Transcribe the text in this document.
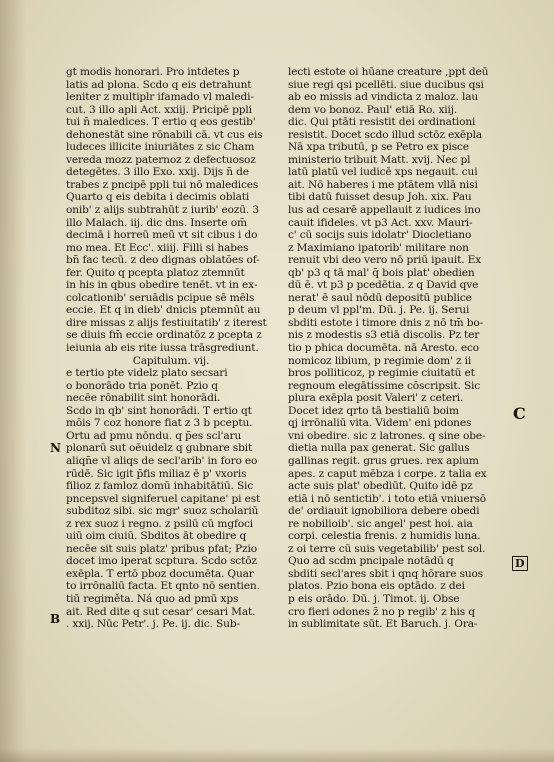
gt modis honorari. Pro intdetes p
latis ad plona. Scdo q eis detrahunt
leniter z multiplr ifamado vl maledi-
cut. 3 illo apli Act. xxiij. Pricipē ppli
tui n̄ maledices. T ertio q eos gestib'
dehonestāt sine rōnabili cā. vt cus eis
ludeces illicite iniuriātes z sic Cham
vereda mozz paternoz z defectuosoz
detegētes. 3 illo Exo. xxij. Dijs n̄ de
trabes z pncipē ppli tui nō maledices
Quarto q eis debita i decimis oblati
onib' z alijs subtrahūt z iurib' eozū. 3
illo Malach. iij. dic dns. Inserte om̄
decimā i horreū meū vt sit cibus i do
mo mea. Et Ecc'. xiiij. Filli si habes
bn̄ fac tecū. z deo dignas oblatões of-
fer. Quito q pcepta platoz ztemnūt
in his in qbus obedire tenēt. vt in ex-
colcationib' seruādis pcipue sē mēls
eccie. Et q in dieb' dnicis ptemnūt au
dire missas z alijs festiuitatib' z iterest
se diuis fm̄ eccie ordinatōz z pcepta z
ieiunia ab eis rite iussa trāsgrediunt.
Capitulum. vij.
e tertio pte videlz plato secsari
o bonorādo tria ponēt. Pzio q
necēe rōnabilit sint honorādi.
Scdo in qb' sint honorādi. T ertio qt
mōis 7 coz honore fiat z 3 b pceptu.
Ortu ad pmu nōndu. q p̄es scl'aru
plonarū sut oēuidelz q gubnare sbit
aliqn̄e vl aliqs de secl'arib' in foro eo
rūdē. Sic igit p̄fis miliaz ē p' vxoris
filioz z famloz domū inhabitātiū. Sic
pncepsvel signiferuel capitane' pi est
subditoz sibi. sic mgr' suoz scholariū
z rex suoz i regno. z psilū cū mgfoci
uiū oim ciuiū. Sbditos āt obedire q
necēe sit suis platz' pribus pfat; Pzio
docet imo iperat scptura. Scdo sctōz
exēpla. T ertō pboz documēta. Quar
to irrōnaliū facta. Et qnto nō sentien.
tiū regiměta. Ná quo ad pmū xps
ait. Red dite q sut cesar' cesari Mat.
. xxij. Nūc Petr'. j. Pe. ij. dic. Sub-
lecti estote oi hūane creature ,ppt deū
siue regi qsi pcellēti. siue ducibus qsi
ab eo missis ad vindicta z maloz. lau
dem vo bonoz. Paul' etiā Ro. xiij.
dic. Qui ptāti resistit dei ordinationi
resistit. Docet scdo illud sctōz exēpla
Nā xpa tributū, p se Petro ex pisce
ministerio tribuit Matt. xvij. Nec pl
latū platū vel iudicē xps negauit. cui
ait. Nō haberes i me ptātem vllā nisi
tibi datū fuisset desup Joh. xix. Pau
lus ad cesarē appellauit z iudices ino
cauit ifideles. vt p3 Act. xxv. Mauri-
c' cū socijs suis idolatr' Diocletiano
z Maximiano ipatorib' militare non
renuit vbi deo vero nō priū ipauit. Ex
qb' p3 q tā mal' q̄ bois plat' obedien
dū ē. vt p3 p pcedētia. z q David qve
nerat' ē saul nōdū depositū publice
p deum vl ppl'm. Dū. j. Pe. ij. Serui
sbditi estote i timore dnis z nō tm̄ bo-
nis z modestis s3 etiā discolis. Pz ter
tio p phica documēta. nā Aresto. eco
nomicoz libium, p regimie dom' z ii
bros polliticoz, p regimie ciuitatū et
regnoum elegātissime cōscripsit. Sic
plura exēpla posit Valeri' z ceteri.
Docet idez qrto tā bestialiū boim
qj irrōnaliū vita. Videm' eni pdones
vni obedire. sic z latrones. q sine obe-
dietia nulla pax generat. Sic gallus
gallinas regit. grus grues. rex apium
apes. z caput mēbza i corpe. z talia ex
acte suis plat' obediūt. Quito idē pz
etiā i nō sentictib'. i toto etiā vniuersō
de' ordiauit ignobiliora debere obedi
re nobilioib'. sic angel' pest hoi. aia
corpi. celestia frenis. z humidis luna.
z oi terre cū suis vegetabilib' pest sol.
Quo ad scdm pncipale notādū q
sbditi secl'ares sbit i qnq hōrare suos
platos. Pzio bona eis optādo. z dei
p eis orādo. Dū. j. Timot. ij. Obse
cro fieri odones z̄ no p regib' z his q
in sublimitate sūt. Et Baruch. j. Ora-
N
B
C
D
